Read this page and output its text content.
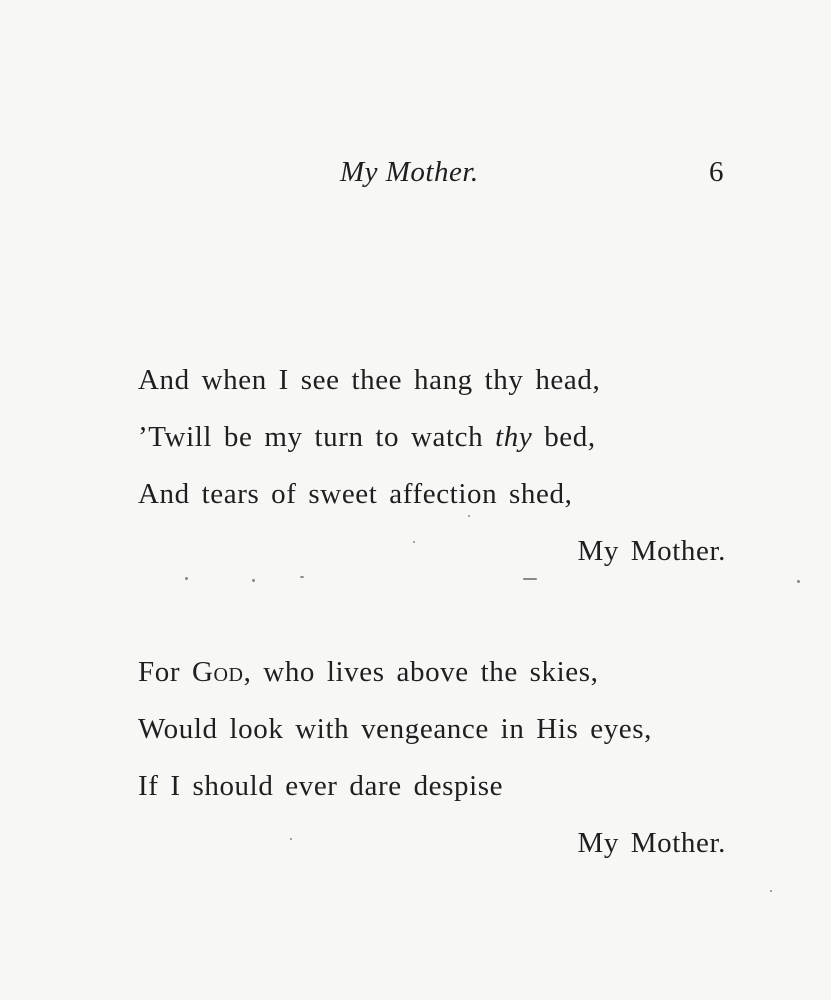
My Mother.	6
And when I see thee hang thy head,
’Twill be my turn to watch thy bed,
And tears of sweet affection shed,
My Mother.
For God, who lives above the skies,
Would look with vengeance in His eyes,
If I should ever dare despise
My Mother.
